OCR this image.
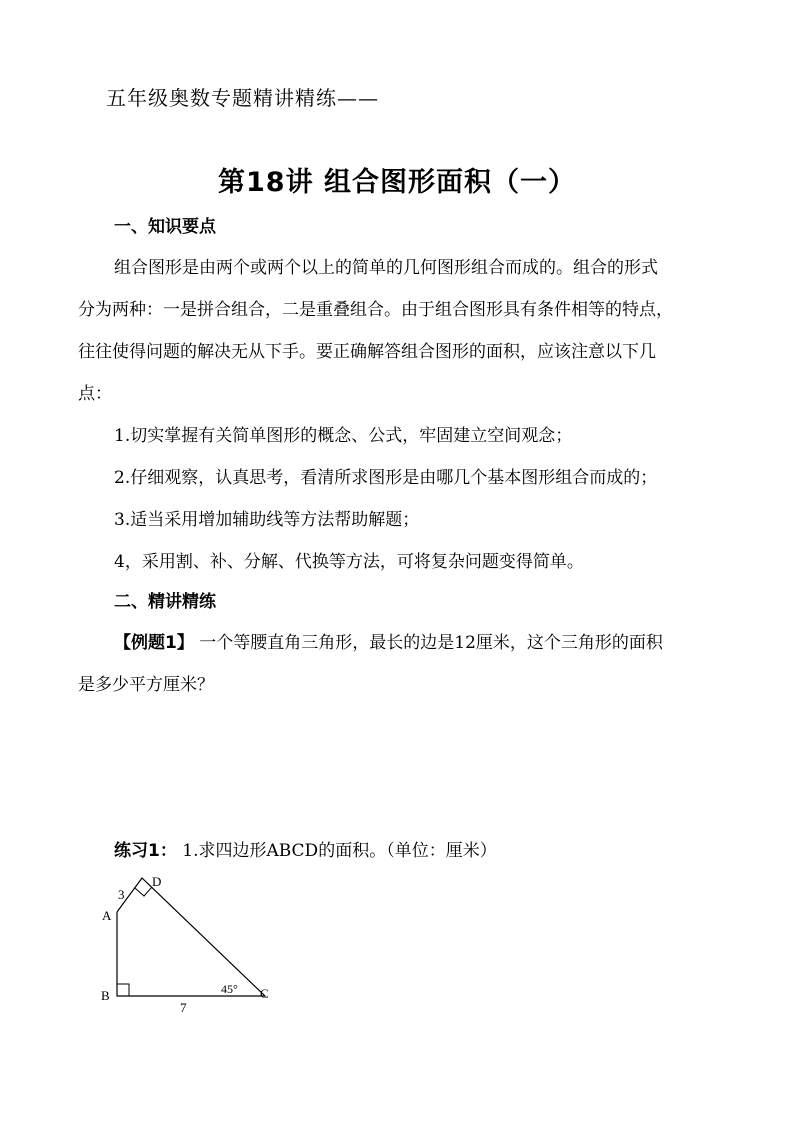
五年级奥数专题精讲精练——
第18讲 组合图形面积（一）
一、知识要点
组合图形是由两个或两个以上的简单的几何图形组合而成的。组合的形式
分为两种：一是拼合组合，二是重叠组合。由于组合图形具有条件相等的特点，
往往使得问题的解决无从下手。要正确解答组合图形的面积，应该注意以下几
点：
1.切实掌握有关简单图形的概念、公式，牢固建立空间观念；
2.仔细观察，认真思考，看清所求图形是由哪几个基本图形组合而成的；
3.适当采用增加辅助线等方法帮助解题；
4，采用割、补、分解、代换等方法，可将复杂问题变得简单。
二、精讲精练
【例题1】 一个等腰直角三角形，最长的边是12厘米，这个三角形的面积
是多少平方厘米？
练习1： 1.求四边形ABCD的面积。（单位：厘米）
A
B	C
D
3
7
45°
